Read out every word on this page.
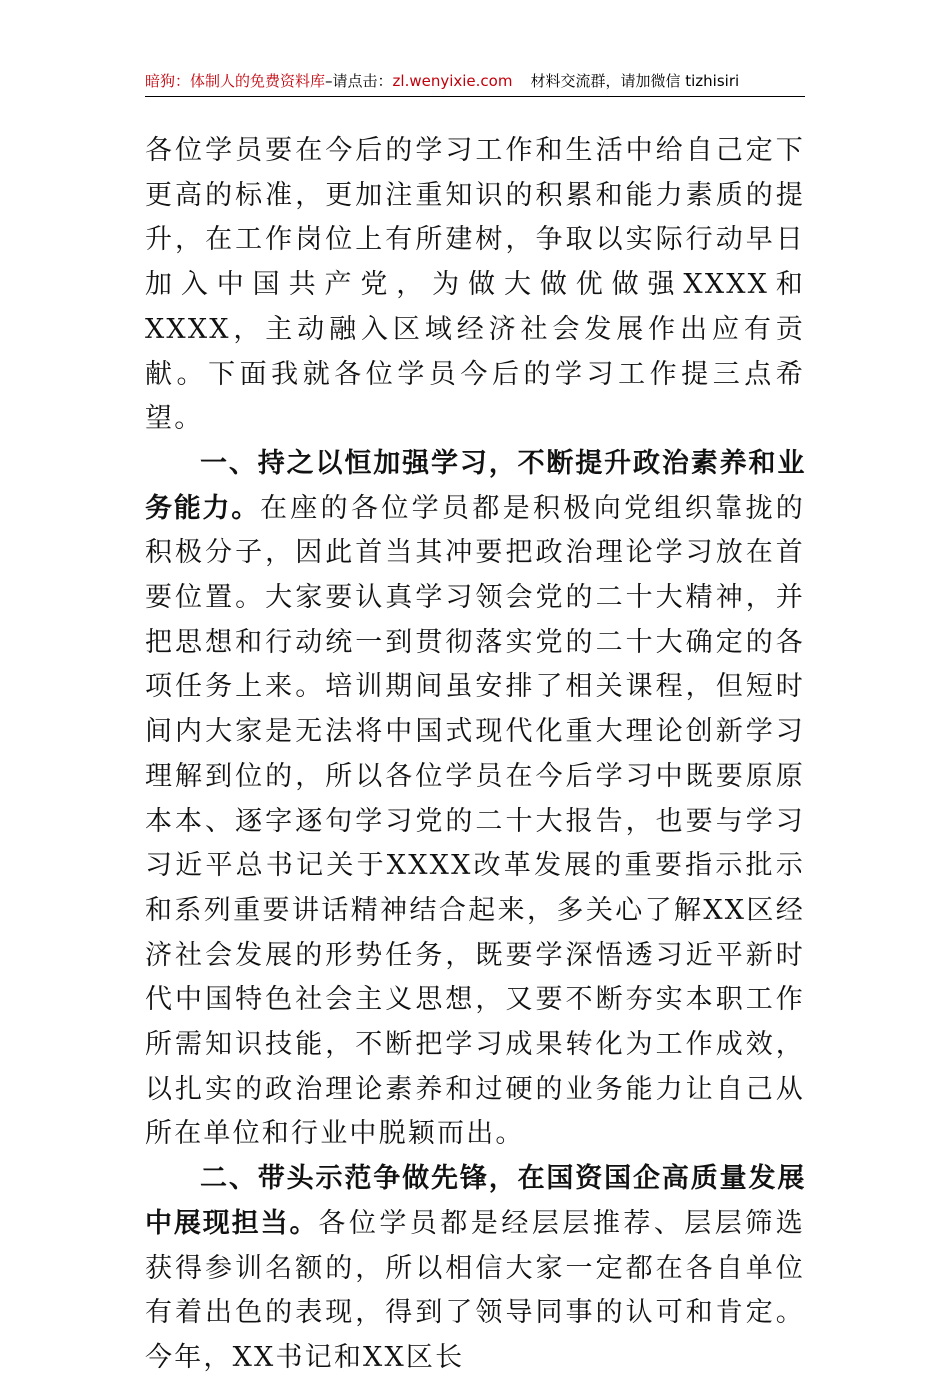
暗狗：体制人的免费资料库–请点击：zl.wenyixie.com 材料交流群，请加微信 tizhisiri

各位学员要在今后的学习工作和生活中给自己定下更高的标准，更加注重知识的积累和能力素质的提升，在工作岗位上有所建树，争取以实际行动早日加入中国共产党，为做大做优做强XXXX和XXXX，主动融入区域经济社会发展作出应有贡献。下面我就各位学员今后的学习工作提三点希望。

一、持之以恒加强学习，不断提升政治素养和业务能力。在座的各位学员都是积极向党组织靠拢的积极分子，因此首当其冲要把政治理论学习放在首要位置。大家要认真学习领会党的二十大精神，并把思想和行动统一到贯彻落实党的二十大确定的各项任务上来。培训期间虽安排了相关课程，但短时间内大家是无法将中国式现代化重大理论创新学习理解到位的，所以各位学员在今后学习中既要原原本本、逐字逐句学习党的二十大报告，也要与学习习近平总书记关于XXXX改革发展的重要指示批示和系列重要讲话精神结合起来，多关心了解XX区经济社会发展的形势任务，既要学深悟透习近平新时代中国特色社会主义思想，又要不断夯实本职工作所需知识技能，不断把学习成果转化为工作成效，以扎实的政治理论素养和过硬的业务能力让自己从所在单位和行业中脱颖而出。

二、带头示范争做先锋，在国资国企高质量发展中展现担当。各位学员都是经层层推荐、层层筛选获得参训名额的，所以相信大家一定都在各自单位有着出色的表现，得到了领导同事的认可和肯定。今年，XX书记和XX区长
